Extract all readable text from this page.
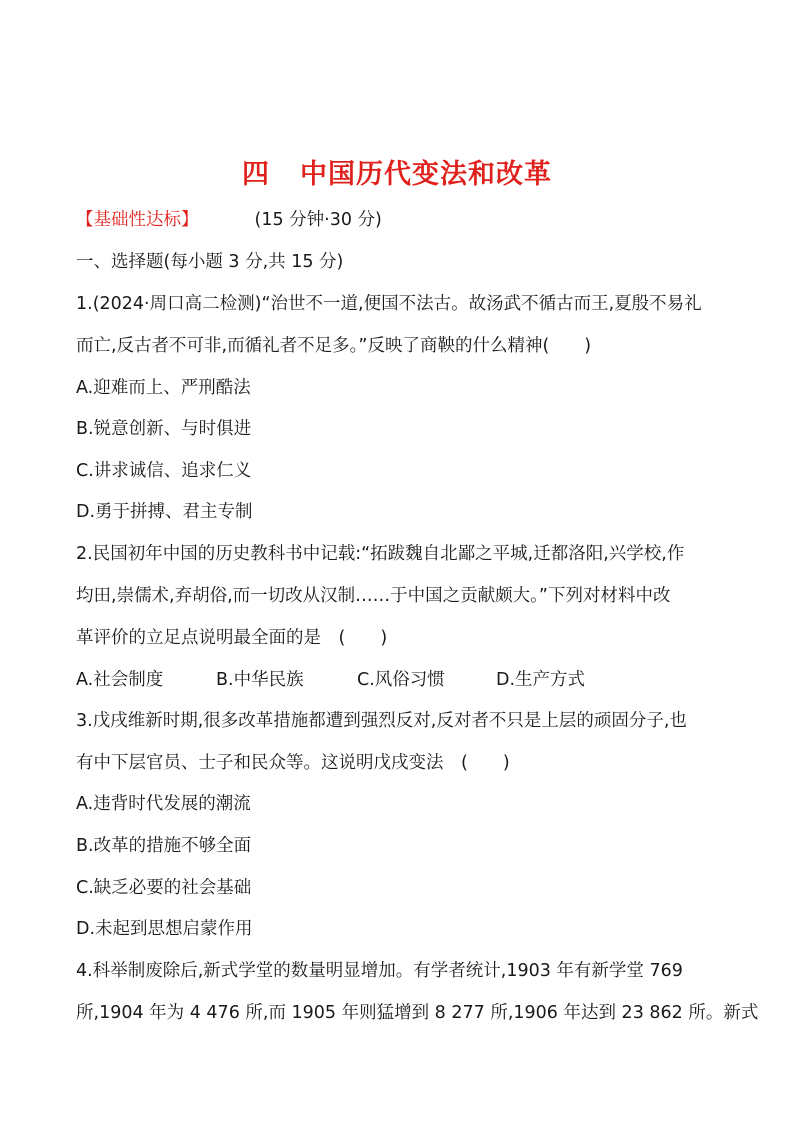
四 中国历代变法和改革
【基础性达标】	(15 分钟·30 分)
一、选择题(每小题 3 分,共 15 分)
1.(2024·周口高二检测)“治世不一道,便国不法古。故汤武不循古而王,夏殷不易礼
而亡,反古者不可非,而循礼者不足多。”反映了商鞅的什么精神(　　)
A.迎难而上、严刑酷法
B.锐意创新、与时俱进
C.讲求诚信、追求仁义
D.勇于拼搏、君主专制
2.民国初年中国的历史教科书中记载:“拓跋魏自北鄙之平城,迁都洛阳,兴学校,作
均田,崇儒术,弃胡俗,而一切改从汉制……于中国之贡献颇大。”下列对材料中改
革评价的立足点说明最全面的是　(　　)
A.社会制度	B.中华民族	C.风俗习惯	D.生产方式
3.戊戌维新时期,很多改革措施都遭到强烈反对,反对者不只是上层的顽固分子,也
有中下层官员、士子和民众等。这说明戊戌变法　(　　)
A.违背时代发展的潮流
B.改革的措施不够全面
C.缺乏必要的社会基础
D.未起到思想启蒙作用
4.科举制废除后,新式学堂的数量明显增加。有学者统计,1903 年有新学堂 769
所,1904 年为 4 476 所,而 1905 年则猛增到 8 277 所,1906 年达到 23 862 所。新式
